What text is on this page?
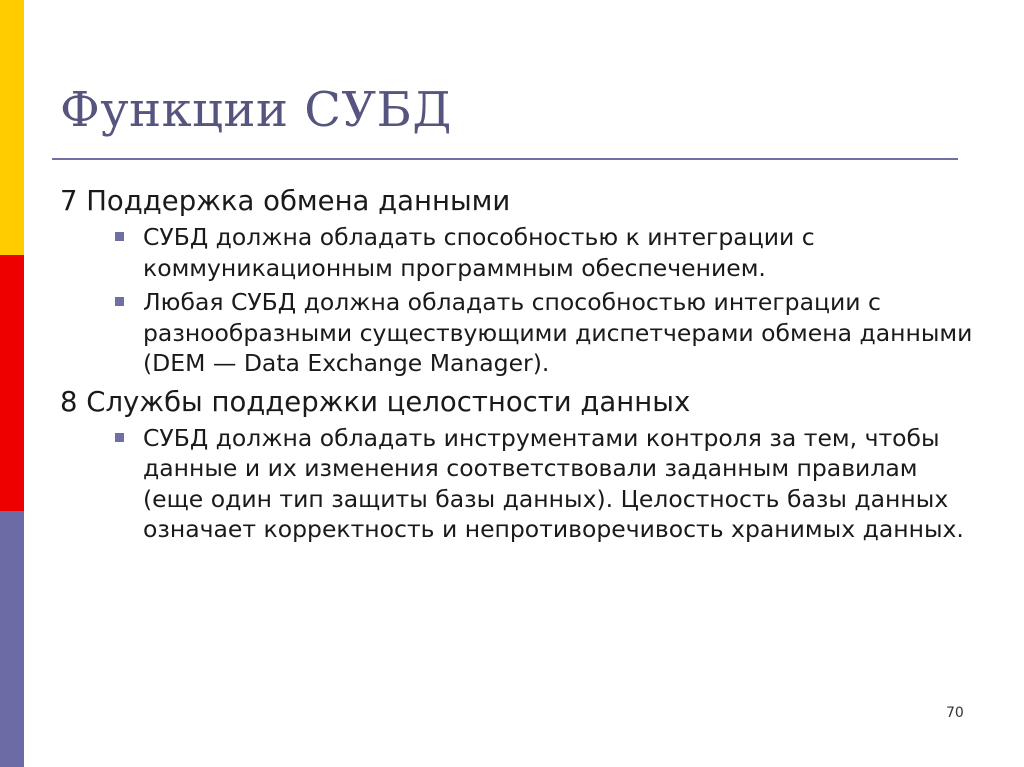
Функции СУБД
7 Поддержка обмена данными
СУБД должна обладать способностью к интеграции с коммуникационным программным обеспечением.
Любая СУБД должна обладать способностью интеграции с разнообразными существующими диспетчерами обмена данными (DEM — Data Exchange Manager).
8 Службы поддержки целостности данных
СУБД должна обладать инструментами контроля за тем, чтобы данные и их изменения соответствовали заданным правилам (еще один тип защиты базы данных). Целостность базы данных означает корректность и непротиворечивость хранимых данных.
70
